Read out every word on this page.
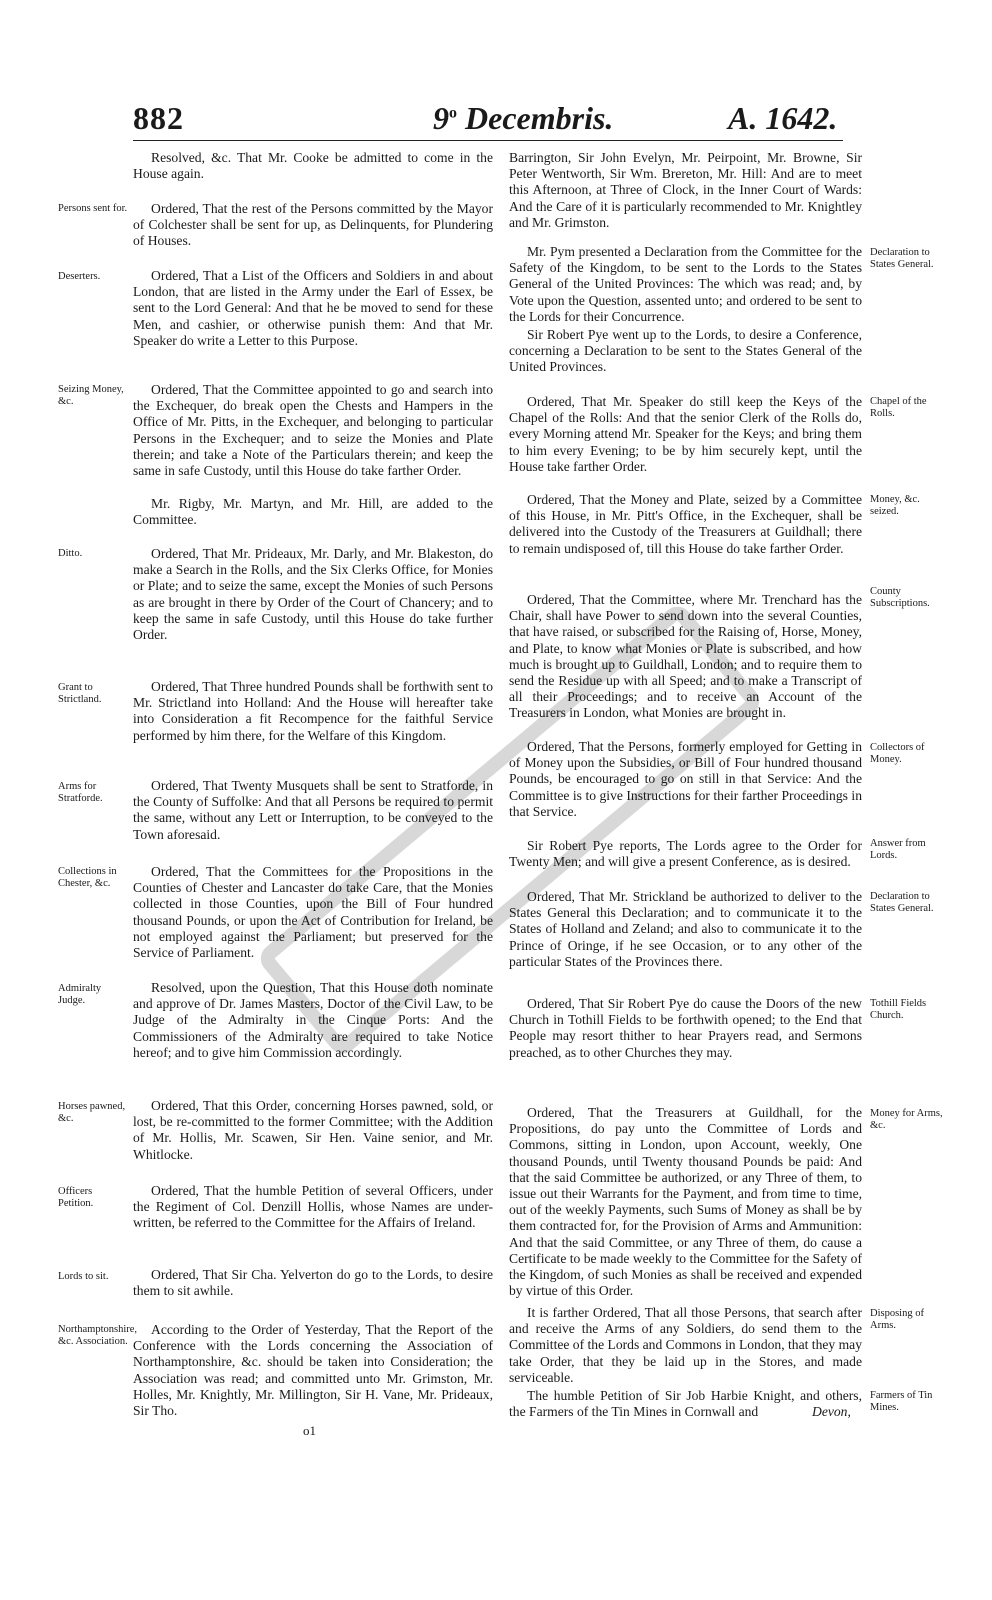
882	9$^o$ Decembris.	A. 1642.
Persons sent for.
Deserters.
Seizing Money, &c.
Ditto.
Grant to Strictland.
Arms for Stratforde.
Collections in Chester, &c.
Admiralty Judge.
Horses pawned, &c.
Officers Petition.
Lords to sit.
Northamptonshire, &c. Association.
Resolved, &c. That Mr. Cooke be admitted to come in the House again.
Ordered, That the rest of the Persons committed by the Mayor of Colchester shall be sent for up, as Delinquents, for Plundering of Houses.
Ordered, That a List of the Officers and Soldiers in and about London, that are listed in the Army under the Earl of Essex, be sent to the Lord General: And that he be moved to send for these Men, and cashier, or otherwise punish them: And that Mr. Speaker do write a Letter to this Purpose.
Ordered, That the Committee appointed to go and search into the Exchequer, do break open the Chests and Hampers in the Office of Mr. Pitts, in the Exchequer, and belonging to particular Persons in the Exchequer; and to seize the Monies and Plate therein; and take a Note of the Particulars therein; and keep the same in safe Custody, until this House do take farther Order.
Mr. Rigby, Mr. Martyn, and Mr. Hill, are added to the Committee.
Ordered, That Mr. Prideaux, Mr. Darly, and Mr. Blakeston, do make a Search in the Rolls, and the Six Clerks Office, for Monies or Plate; and to seize the same, except the Monies of such Persons as are brought in there by Order of the Court of Chancery; and to keep the same in safe Custody, until this House do take further Order.
Ordered, That Three hundred Pounds shall be forthwith sent to Mr. Strictland into Holland: And the House will hereafter take into Consideration a fit Recompence for the faithful Service performed by him there, for the Welfare of this Kingdom.
Ordered, That Twenty Musquets shall be sent to Stratforde, in the County of Suffolke: And that all Persons be required to permit the same, without any Lett or Interruption, to be conveyed to the Town aforesaid.
Ordered, That the Committees for the Propositions in the Counties of Chester and Lancaster do take Care, that the Monies collected in those Counties, upon the Bill of Four hundred thousand Pounds, or upon the Act of Contribution for Ireland, be not employed against the Parliament; but preserved for the Service of Parliament.
Resolved, upon the Question, That this House doth nominate and approve of Dr. James Masters, Doctor of the Civil Law, to be Judge of the Admiralty in the Cinque Ports: And the Commissioners of the Admiralty are required to take Notice hereof; and to give him Commission accordingly.
Ordered, That this Order, concerning Horses pawned, sold, or lost, be re-committed to the former Committee; with the Addition of Mr. Hollis, Mr. Scawen, Sir Hen. Vaine senior, and Mr. Whitlocke.
Ordered, That the humble Petition of several Officers, under the Regiment of Col. Denzill Hollis, whose Names are under-written, be referred to the Committee for the Affairs of Ireland.
Ordered, That Sir Cha. Yelverton do go to the Lords, to desire them to sit awhile.
According to the Order of Yesterday, That the Report of the Conference with the Lords concerning the Association of Northamptonshire, &c. should be taken into Consideration; the Association was read; and committed unto Mr. Grimston, Mr. Holles, Mr. Knightly, Mr. Millington, Sir H. Vane, Mr. Prideaux, Sir Tho.
Barrington, Sir John Evelyn, Mr. Peirpoint, Mr. Browne, Sir Peter Wentworth, Sir Wm. Brereton, Mr. Hill: And are to meet this Afternoon, at Three of Clock, in the Inner Court of Wards: And the Care of it is particularly recommended to Mr. Knightley and Mr. Grimston.
Mr. Pym presented a Declaration from the Committee for the Safety of the Kingdom, to be sent to the Lords to the States General of the United Provinces: The which was read; and, by Vote upon the Question, assented unto; and ordered to be sent to the Lords for their Concurrence.
Sir Robert Pye went up to the Lords, to desire a Conference, concerning a Declaration to be sent to the States General of the United Provinces.
Ordered, That Mr. Speaker do still keep the Keys of the Chapel of the Rolls: And that the senior Clerk of the Rolls do, every Morning attend Mr. Speaker for the Keys; and bring them to him every Evening; to be by him securely kept, until the House take farther Order.
Ordered, That the Money and Plate, seized by a Committee of this House, in Mr. Pitt's Office, in the Exchequer, shall be delivered into the Custody of the Treasurers at Guildhall; there to remain undisposed of, till this House do take farther Order.
Ordered, That the Committee, where Mr. Trenchard has the Chair, shall have Power to send down into the several Counties, that have raised, or subscribed for the Raising of, Horse, Money, and Plate, to know what Monies or Plate is subscribed, and how much is brought up to Guildhall, London; and to require them to send the Residue up with all Speed; and to make a Transcript of all their Proceedings; and to receive an Account of the Treasurers in London, what Monies are brought in.
Ordered, That the Persons, formerly employed for Getting in of Money upon the Subsidies, or Bill of Four hundred thousand Pounds, be encouraged to go on still in that Service: And the Committee is to give Instructions for their farther Proceedings in that Service.
Sir Robert Pye reports, The Lords agree to the Order for Twenty Men; and will give a present Conference, as is desired.
Ordered, That Mr. Strickland be authorized to deliver to the States General this Declaration; and to communicate it to the States of Holland and Zeland; and also to communicate it to the Prince of Oringe, if he see Occasion, or to any other of the particular States of the Provinces there.
Ordered, That Sir Robert Pye do cause the Doors of the new Church in Tothill Fields to be forthwith opened; to the End that People may resort thither to hear Prayers read, and Sermons preached, as to other Churches they may.
Ordered, That the Treasurers at Guildhall, for the Propositions, do pay unto the Committee of Lords and Commons, sitting in London, upon Account, weekly, One thousand Pounds, until Twenty thousand Pounds be paid: And that the said Committee be authorized, or any Three of them, to issue out their Warrants for the Payment, and from time to time, out of the weekly Payments, such Sums of Money as shall be by them contracted for, for the Provision of Arms and Ammunition: And that the said Committee, or any Three of them, do cause a Certificate to be made weekly to the Committee for the Safety of the Kingdom, of such Monies as shall be received and expended by virtue of this Order.
It is farther Ordered, That all those Persons, that search after and receive the Arms of any Soldiers, do send them to the Committee of the Lords and Commons in London, that they may take Order, that they be laid up in the Stores, and made serviceable.
The humble Petition of Sir Job Harbie Knight, and others, the Farmers of the Tin Mines in Cornwall and
Declaration to States General.
Chapel of the Rolls.
Money, &c. seized.
County Subscriptions.
Collectors of Money.
Answer from Lords.
Declaration to States General.
Tothill Fields Church.
Money for Arms, &c.
Disposing of Arms.
Farmers of Tin Mines.
o1
Devon,
